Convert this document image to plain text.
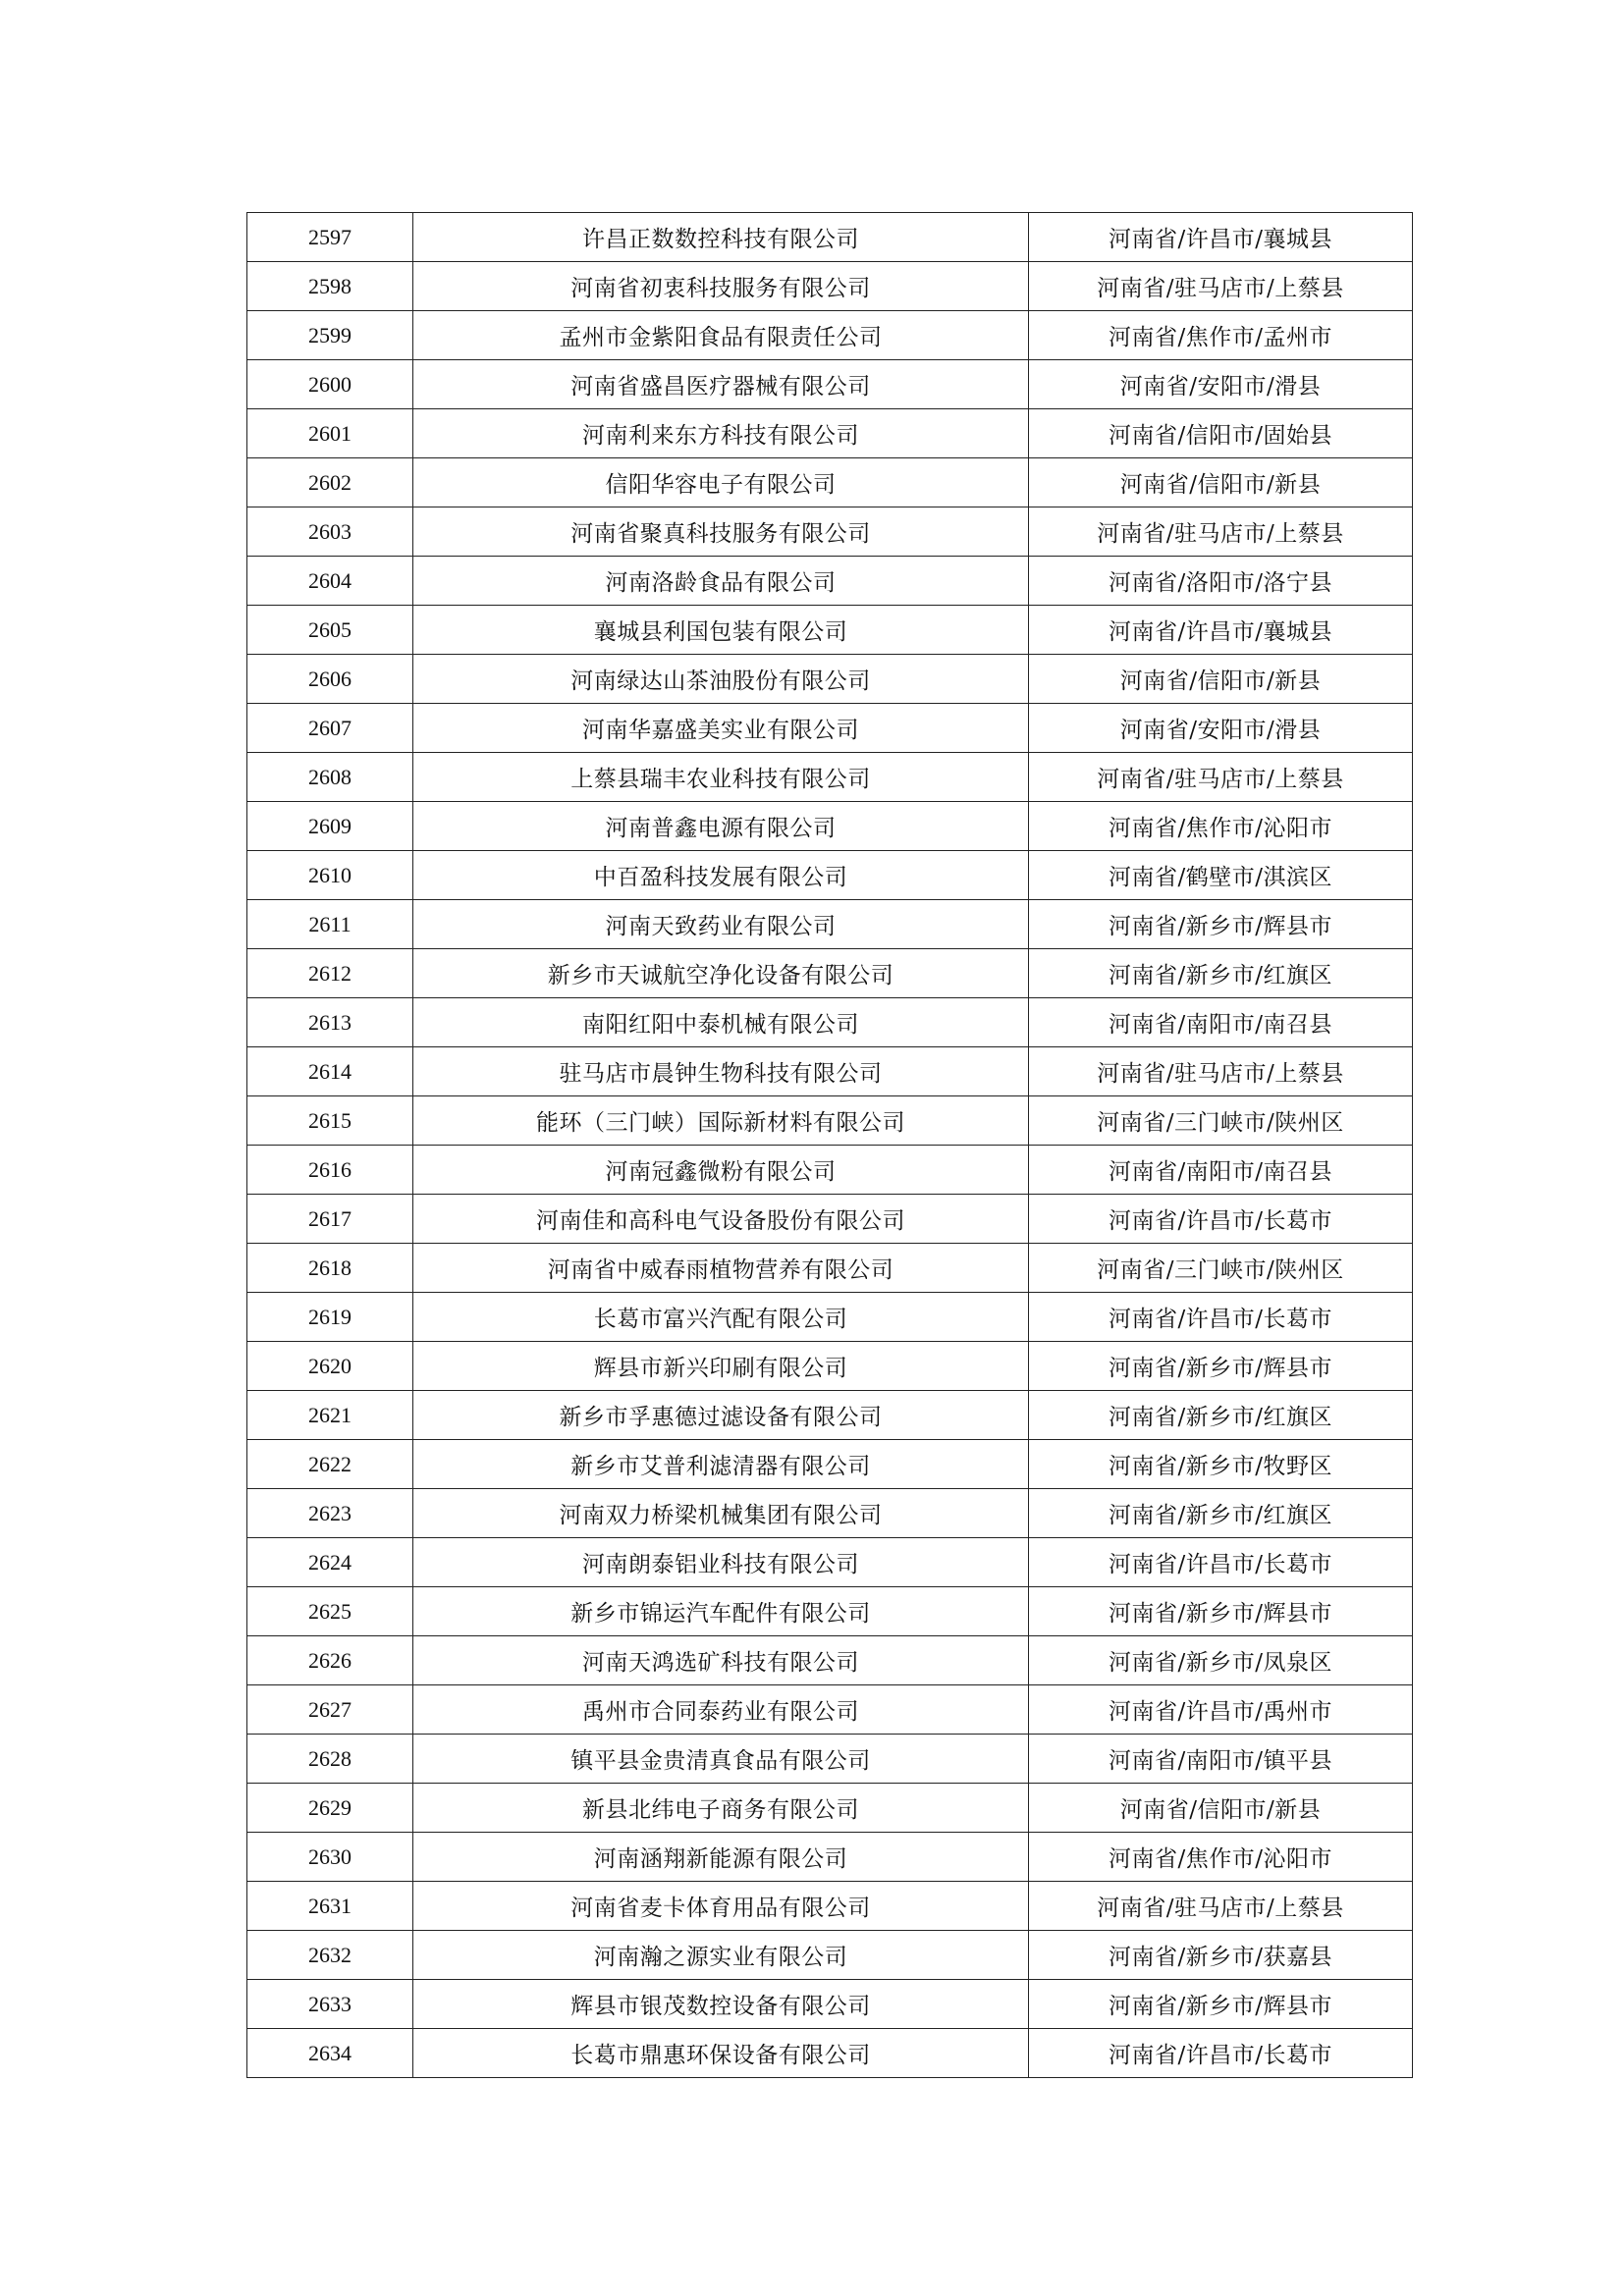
2597	许昌正数数控科技有限公司	河南省/许昌市/襄城县
2598	河南省初衷科技服务有限公司	河南省/驻马店市/上蔡县
2599	孟州市金紫阳食品有限责任公司	河南省/焦作市/孟州市
2600	河南省盛昌医疗器械有限公司	河南省/安阳市/滑县
2601	河南利来东方科技有限公司	河南省/信阳市/固始县
2602	信阳华容电子有限公司	河南省/信阳市/新县
2603	河南省聚真科技服务有限公司	河南省/驻马店市/上蔡县
2604	河南洛龄食品有限公司	河南省/洛阳市/洛宁县
2605	襄城县利国包装有限公司	河南省/许昌市/襄城县
2606	河南绿达山茶油股份有限公司	河南省/信阳市/新县
2607	河南华嘉盛美实业有限公司	河南省/安阳市/滑县
2608	上蔡县瑞丰农业科技有限公司	河南省/驻马店市/上蔡县
2609	河南普鑫电源有限公司	河南省/焦作市/沁阳市
2610	中百盈科技发展有限公司	河南省/鹤壁市/淇滨区
2611	河南天致药业有限公司	河南省/新乡市/辉县市
2612	新乡市天诚航空净化设备有限公司	河南省/新乡市/红旗区
2613	南阳红阳中泰机械有限公司	河南省/南阳市/南召县
2614	驻马店市晨钟生物科技有限公司	河南省/驻马店市/上蔡县
2615	能环（三门峡）国际新材料有限公司	河南省/三门峡市/陕州区
2616	河南冠鑫微粉有限公司	河南省/南阳市/南召县
2617	河南佳和高科电气设备股份有限公司	河南省/许昌市/长葛市
2618	河南省中威春雨植物营养有限公司	河南省/三门峡市/陕州区
2619	长葛市富兴汽配有限公司	河南省/许昌市/长葛市
2620	辉县市新兴印刷有限公司	河南省/新乡市/辉县市
2621	新乡市孚惠德过滤设备有限公司	河南省/新乡市/红旗区
2622	新乡市艾普利滤清器有限公司	河南省/新乡市/牧野区
2623	河南双力桥梁机械集团有限公司	河南省/新乡市/红旗区
2624	河南朗泰铝业科技有限公司	河南省/许昌市/长葛市
2625	新乡市锦运汽车配件有限公司	河南省/新乡市/辉县市
2626	河南天鸿选矿科技有限公司	河南省/新乡市/凤泉区
2627	禹州市合同泰药业有限公司	河南省/许昌市/禹州市
2628	镇平县金贵清真食品有限公司	河南省/南阳市/镇平县
2629	新县北纬电子商务有限公司	河南省/信阳市/新县
2630	河南涵翔新能源有限公司	河南省/焦作市/沁阳市
2631	河南省麦卡体育用品有限公司	河南省/驻马店市/上蔡县
2632	河南瀚之源实业有限公司	河南省/新乡市/获嘉县
2633	辉县市银茂数控设备有限公司	河南省/新乡市/辉县市
2634	长葛市鼎惠环保设备有限公司	河南省/许昌市/长葛市
